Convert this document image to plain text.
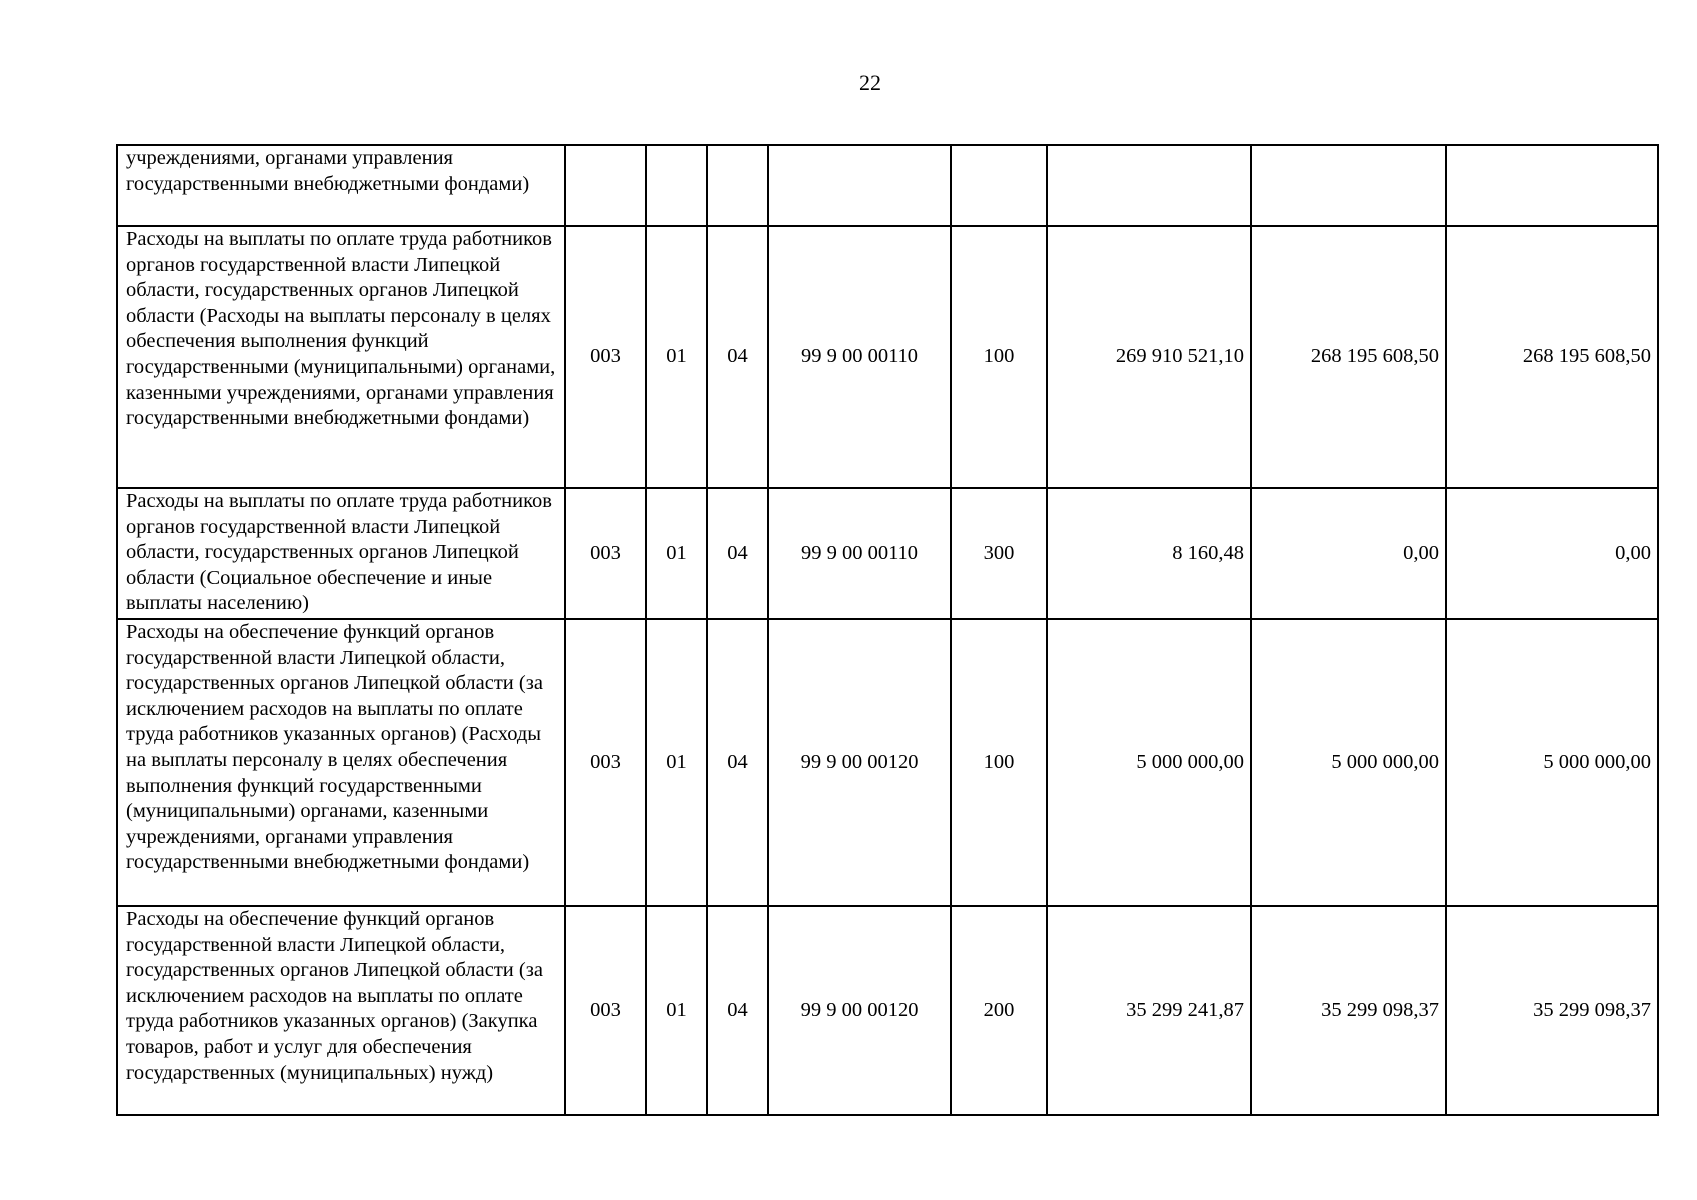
22
учреждениями, органами управления государственными внебюджетными фондами)								
Расходы на выплаты по оплате труда работников органов государственной власти Липецкой области, государственных органов Липецкой области (Расходы на выплаты персоналу в целях обеспечения выполнения функций государственными (муниципальными) органами, казенными учреждениями, органами управления государственными внебюджетными фондами)	003	01	04	99 9 00 00110	100	269 910 521,10	268 195 608,50	268 195 608,50
Расходы на выплаты по оплате труда работников органов государственной власти Липецкой области, государственных органов Липецкой области (Социальное обеспечение и иные выплаты населению)	003	01	04	99 9 00 00110	300	8 160,48	0,00	0,00
Расходы на обеспечение функций органов государственной власти Липецкой области, государственных органов Липецкой области (за исключением расходов на выплаты по оплате труда работников указанных органов) (Расходы на выплаты персоналу в целях обеспечения выполнения функций государственными (муниципальными) органами, казенными учреждениями, органами управления государственными внебюджетными фондами)	003	01	04	99 9 00 00120	100	5 000 000,00	5 000 000,00	5 000 000,00
Расходы на обеспечение функций органов государственной власти Липецкой области, государственных органов Липецкой области (за исключением расходов на выплаты по оплате труда работников указанных органов) (Закупка товаров, работ и услуг для обеспечения государственных (муниципальных) нужд)	003	01	04	99 9 00 00120	200	35 299 241,87	35 299 098,37	35 299 098,37
